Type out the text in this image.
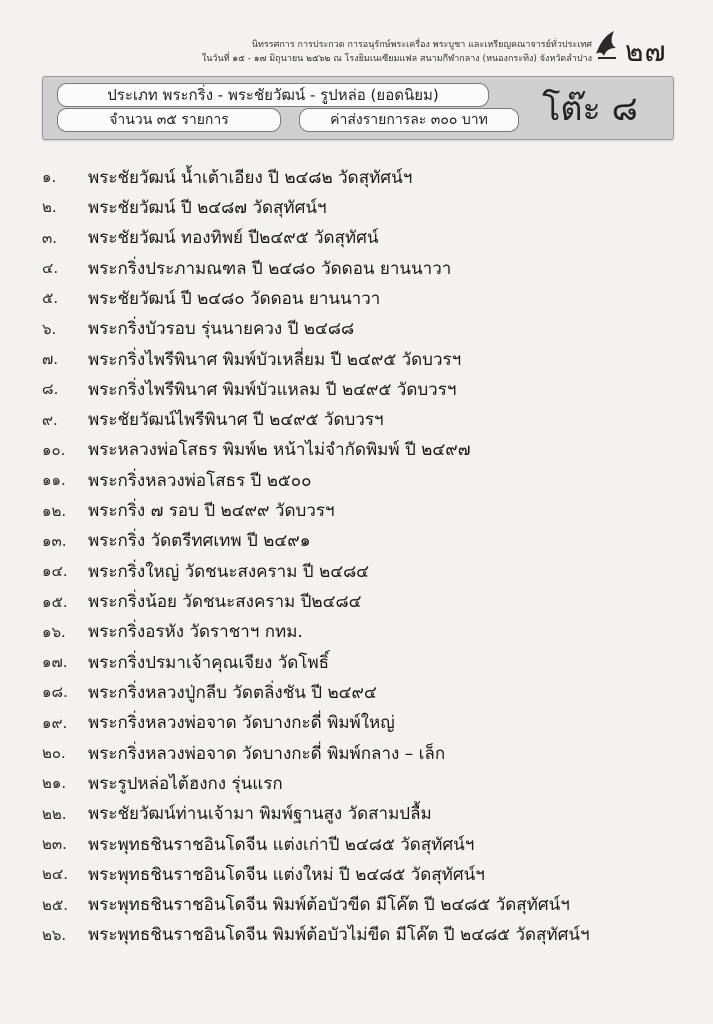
นิทรรศการ การประกวด การอนุรักษ์พระเครื่อง พระบูชา และเหรียญคณาจารย์ทั่วประเทศ
ในวันที่ ๑๕ - ๑๗ มิถุนายน ๒๕๖๒ ณ โรงยิมเนเซียมแฟล สนามกีฬากลาง (หนองกระทิง) จังหวัดลำปาง ๒๗
ประเภท พระกริ่ง - พระชัยวัฒน์ - รูปหล่อ (ยอดนิยม)
จำนวน ๓๕ รายการ	ค่าส่งรายการละ ๓๐๐ บาท	โต๊ะ ๘
๑.	พระชัยวัฒน์ น้ำเต้าเอียง ปี ๒๔๘๒ วัดสุทัศน์ฯ
๒.	พระชัยวัฒน์ ปี ๒๔๘๗ วัดสุทัศน์ฯ
๓.	พระชัยวัฒน์ ทองทิพย์ ปี๒๔๙๕ วัดสุทัศน์
๔.	พระกริ่งประภามณฑล ปี ๒๔๘๐ วัดดอน ยานนาวา
๕.	พระชัยวัฒน์ ปี ๒๔๘๐ วัดดอน ยานนาวา
๖.	พระกริ่งบัวรอบ รุ่นนายควง ปี ๒๔๘๘
๗.	พระกริ่งไพรีพินาศ พิมพ์บัวเหลี่ยม ปี ๒๔๙๕ วัดบวรฯ
๘.	พระกริ่งไพรีพินาศ พิมพ์บัวแหลม ปี ๒๔๙๕ วัดบวรฯ
๙.	พระชัยวัฒน์ไพรีพินาศ ปี ๒๔๙๕ วัดบวรฯ
๑๐.	พระหลวงพ่อโสธร พิมพ์๒ หน้าไม่จำกัดพิมพ์ ปี ๒๔๙๗
๑๑.	พระกริ่งหลวงพ่อโสธร ปี ๒๕๐๐
๑๒.	พระกริ่ง ๗ รอบ ปี ๒๔๙๙ วัดบวรฯ
๑๓.	พระกริ่ง วัดตรีทศเทพ ปี ๒๔๙๑
๑๔.	พระกริ่งใหญ่ วัดชนะสงคราม ปี ๒๔๘๔
๑๕.	พระกริ่งน้อย วัดชนะสงคราม ปี๒๔๘๔
๑๖.	พระกริ่งอรหัง วัดราชาฯ กทม.
๑๗.	พระกริ่งปรมาเจ้าคุณเจียง วัดโพธิ์
๑๘.	พระกริ่งหลวงปู่กลีบ วัดตลิ่งชัน ปี ๒๔๙๔
๑๙.	พระกริ่งหลวงพ่อจาด วัดบางกะดี่ พิมพ์ใหญ่
๒๐.	พระกริ่งหลวงพ่อจาด วัดบางกะดี่ พิมพ์กลาง – เล็ก
๒๑.	พระรูปหล่อไต้ฮงกง รุ่นแรก
๒๒.	พระชัยวัฒน์ท่านเจ้ามา พิมพ์ฐานสูง วัดสามปลื้ม
๒๓.	พระพุทธชินราชอินโดจีน แต่งเก่าปี ๒๔๘๕ วัดสุทัศน์ฯ
๒๔.	พระพุทธชินราชอินโดจีน แต่งใหม่ ปี ๒๔๘๕ วัดสุทัศน์ฯ
๒๕.	พระพุทธชินราชอินโดจีน พิมพ์ต้อบัวขีด มีโค๊ต ปี ๒๔๘๕ วัดสุทัศน์ฯ
๒๖.	พระพุทธชินราชอินโดจีน พิมพ์ต้อบัวไม่ขีด มีโค๊ต ปี ๒๔๘๕ วัดสุทัศน์ฯ
